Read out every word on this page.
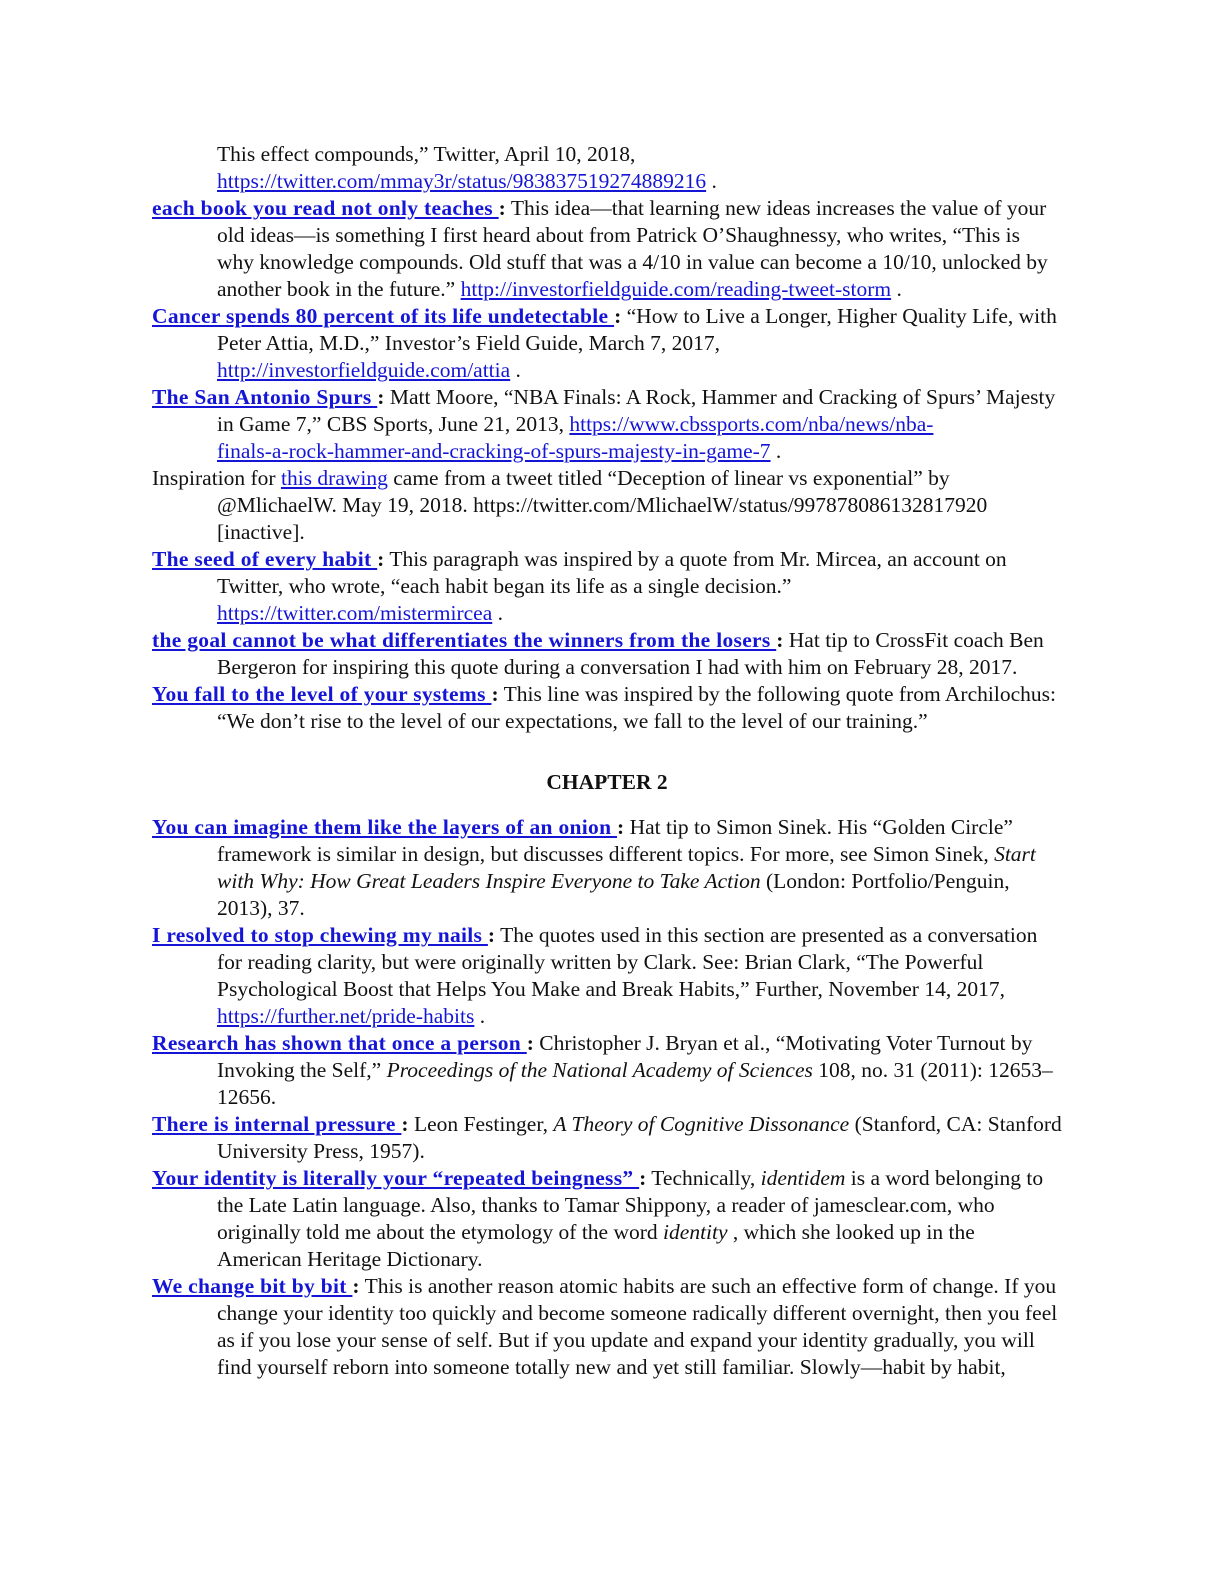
This effect compounds,” Twitter, April 10, 2018,
https://twitter.com/mmay3r/status/983837519274889216 .

each book you read not only teaches : This idea—that learning new ideas increases the value of your old ideas—is something I first heard about from Patrick O’Shaughnessy, who writes, “This is why knowledge compounds. Old stuff that was a 4/10 in value can become a 10/10, unlocked by another book in the future.” http://investorfieldguide.com/reading-tweet-storm .

Cancer spends 80 percent of its life undetectable : “How to Live a Longer, Higher Quality Life, with Peter Attia, M.D.,” Investor’s Field Guide, March 7, 2017,
http://investorfieldguide.com/attia .

The San Antonio Spurs : Matt Moore, “NBA Finals: A Rock, Hammer and Cracking of Spurs’ Majesty in Game 7,” CBS Sports, June 21, 2013, https://www.cbssports.com/nba/news/nba-
finals-a-rock-hammer-and-cracking-of-spurs-majesty-in-game-7 .

Inspiration for this drawing came from a tweet titled “Deception of linear vs exponential” by @MlichaelW. May 19, 2018. https://twitter.com/MlichaelW/status/997878086132817920 [inactive].

The seed of every habit : This paragraph was inspired by a quote from Mr. Mircea, an account on Twitter, who wrote, “each habit began its life as a single decision.”
https://twitter.com/mistermircea .

the goal cannot be what differentiates the winners from the losers : Hat tip to CrossFit coach Ben Bergeron for inspiring this quote during a conversation I had with him on February 28, 2017.

You fall to the level of your systems : This line was inspired by the following quote from Archilochus: “We don’t rise to the level of our expectations, we fall to the level of our training.”

CHAPTER 2

You can imagine them like the layers of an onion : Hat tip to Simon Sinek. His “Golden Circle” framework is similar in design, but discusses different topics. For more, see Simon Sinek, Start with Why: How Great Leaders Inspire Everyone to Take Action (London: Portfolio/Penguin, 2013), 37.

I resolved to stop chewing my nails : The quotes used in this section are presented as a conversation for reading clarity, but were originally written by Clark. See: Brian Clark, “The Powerful Psychological Boost that Helps You Make and Break Habits,” Further, November 14, 2017, https://further.net/pride-habits .

Research has shown that once a person : Christopher J. Bryan et al., “Motivating Voter Turnout by Invoking the Self,” Proceedings of the National Academy of Sciences 108, no. 31 (2011): 12653–12656.

There is internal pressure : Leon Festinger, A Theory of Cognitive Dissonance (Stanford, CA: Stanford University Press, 1957).

Your identity is literally your “repeated beingness” : Technically, identidem is a word belonging to the Late Latin language. Also, thanks to Tamar Shippony, a reader of jamesclear.com, who originally told me about the etymology of the word identity , which she looked up in the American Heritage Dictionary.

We change bit by bit : This is another reason atomic habits are such an effective form of change. If you change your identity too quickly and become someone radically different overnight, then you feel as if you lose your sense of self. But if you update and expand your identity gradually, you will find yourself reborn into someone totally new and yet still familiar. Slowly—habit by habit,
